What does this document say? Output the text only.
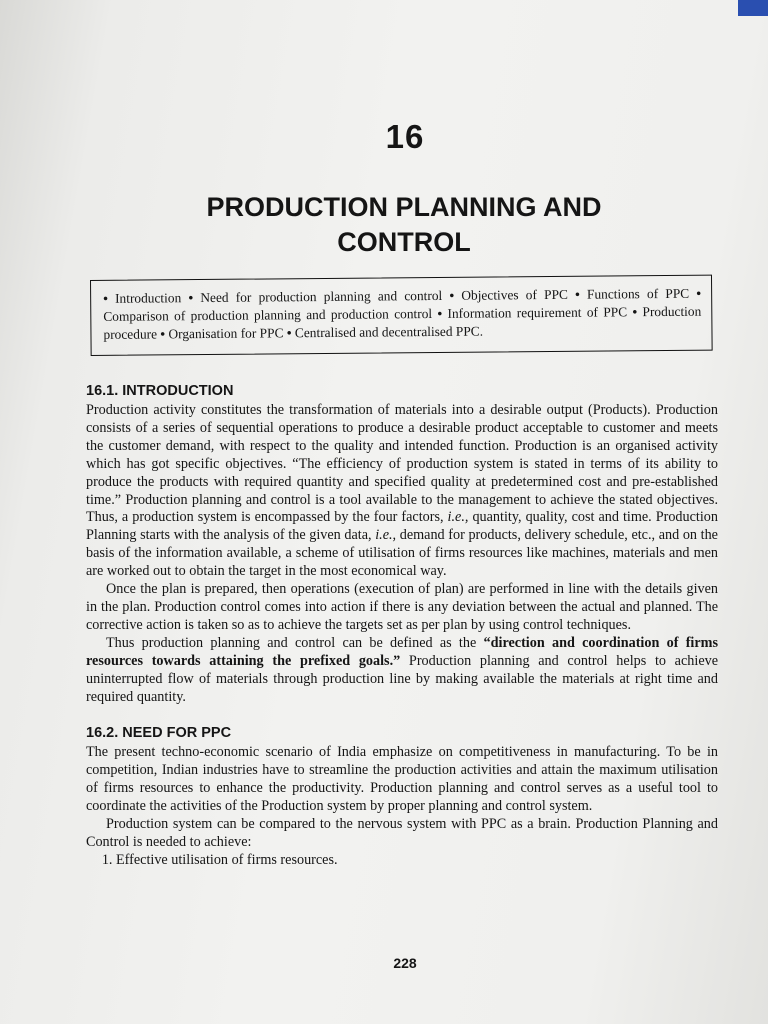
16
PRODUCTION PLANNING AND
CONTROL
• Introduction • Need for production planning and control • Objectives of PPC • Functions of PPC • Comparison of production planning and production control • Information requirement of PPC • Production procedure • Organisation for PPC • Centralised and decentralised PPC.
16.1. INTRODUCTION

Production activity constitutes the transformation of materials into a desirable output (Products). Production consists of a series of sequential operations to produce a desirable product acceptable to customer and meets the customer demand, with respect to the quality and intended function. Production is an organised activity which has got specific objectives. “The efficiency of production system is stated in terms of its ability to produce the products with required quantity and specified quality at predetermined cost and pre-established time.” Production planning and control is a tool available to the management to achieve the stated objectives. Thus, a production system is encompassed by the four factors, i.e., quantity, quality, cost and time. Production Planning starts with the analysis of the given data, i.e., demand for products, delivery schedule, etc., and on the basis of the information available, a scheme of utilisation of firms resources like machines, materials and men are worked out to obtain the target in the most economical way.

Once the plan is prepared, then operations (execution of plan) are performed in line with the details given in the plan. Production control comes into action if there is any deviation between the actual and planned. The corrective action is taken so as to achieve the targets set as per plan by using control techniques.

Thus production planning and control can be defined as the “direction and coordination of firms resources towards attaining the prefixed goals.” Production planning and control helps to achieve uninterrupted flow of materials through production line by making available the materials at right time and required quantity.

16.2. NEED FOR PPC

The present techno-economic scenario of India emphasize on competitiveness in manufacturing. To be in competition, Indian industries have to streamline the production activities and attain the maximum utilisation of firms resources to enhance the productivity. Production planning and control serves as a useful tool to coordinate the activities of the Production system by proper planning and control system.

Production system can be compared to the nervous system with PPC as a brain. Production Planning and Control is needed to achieve:

1. Effective utilisation of firms resources.
228
